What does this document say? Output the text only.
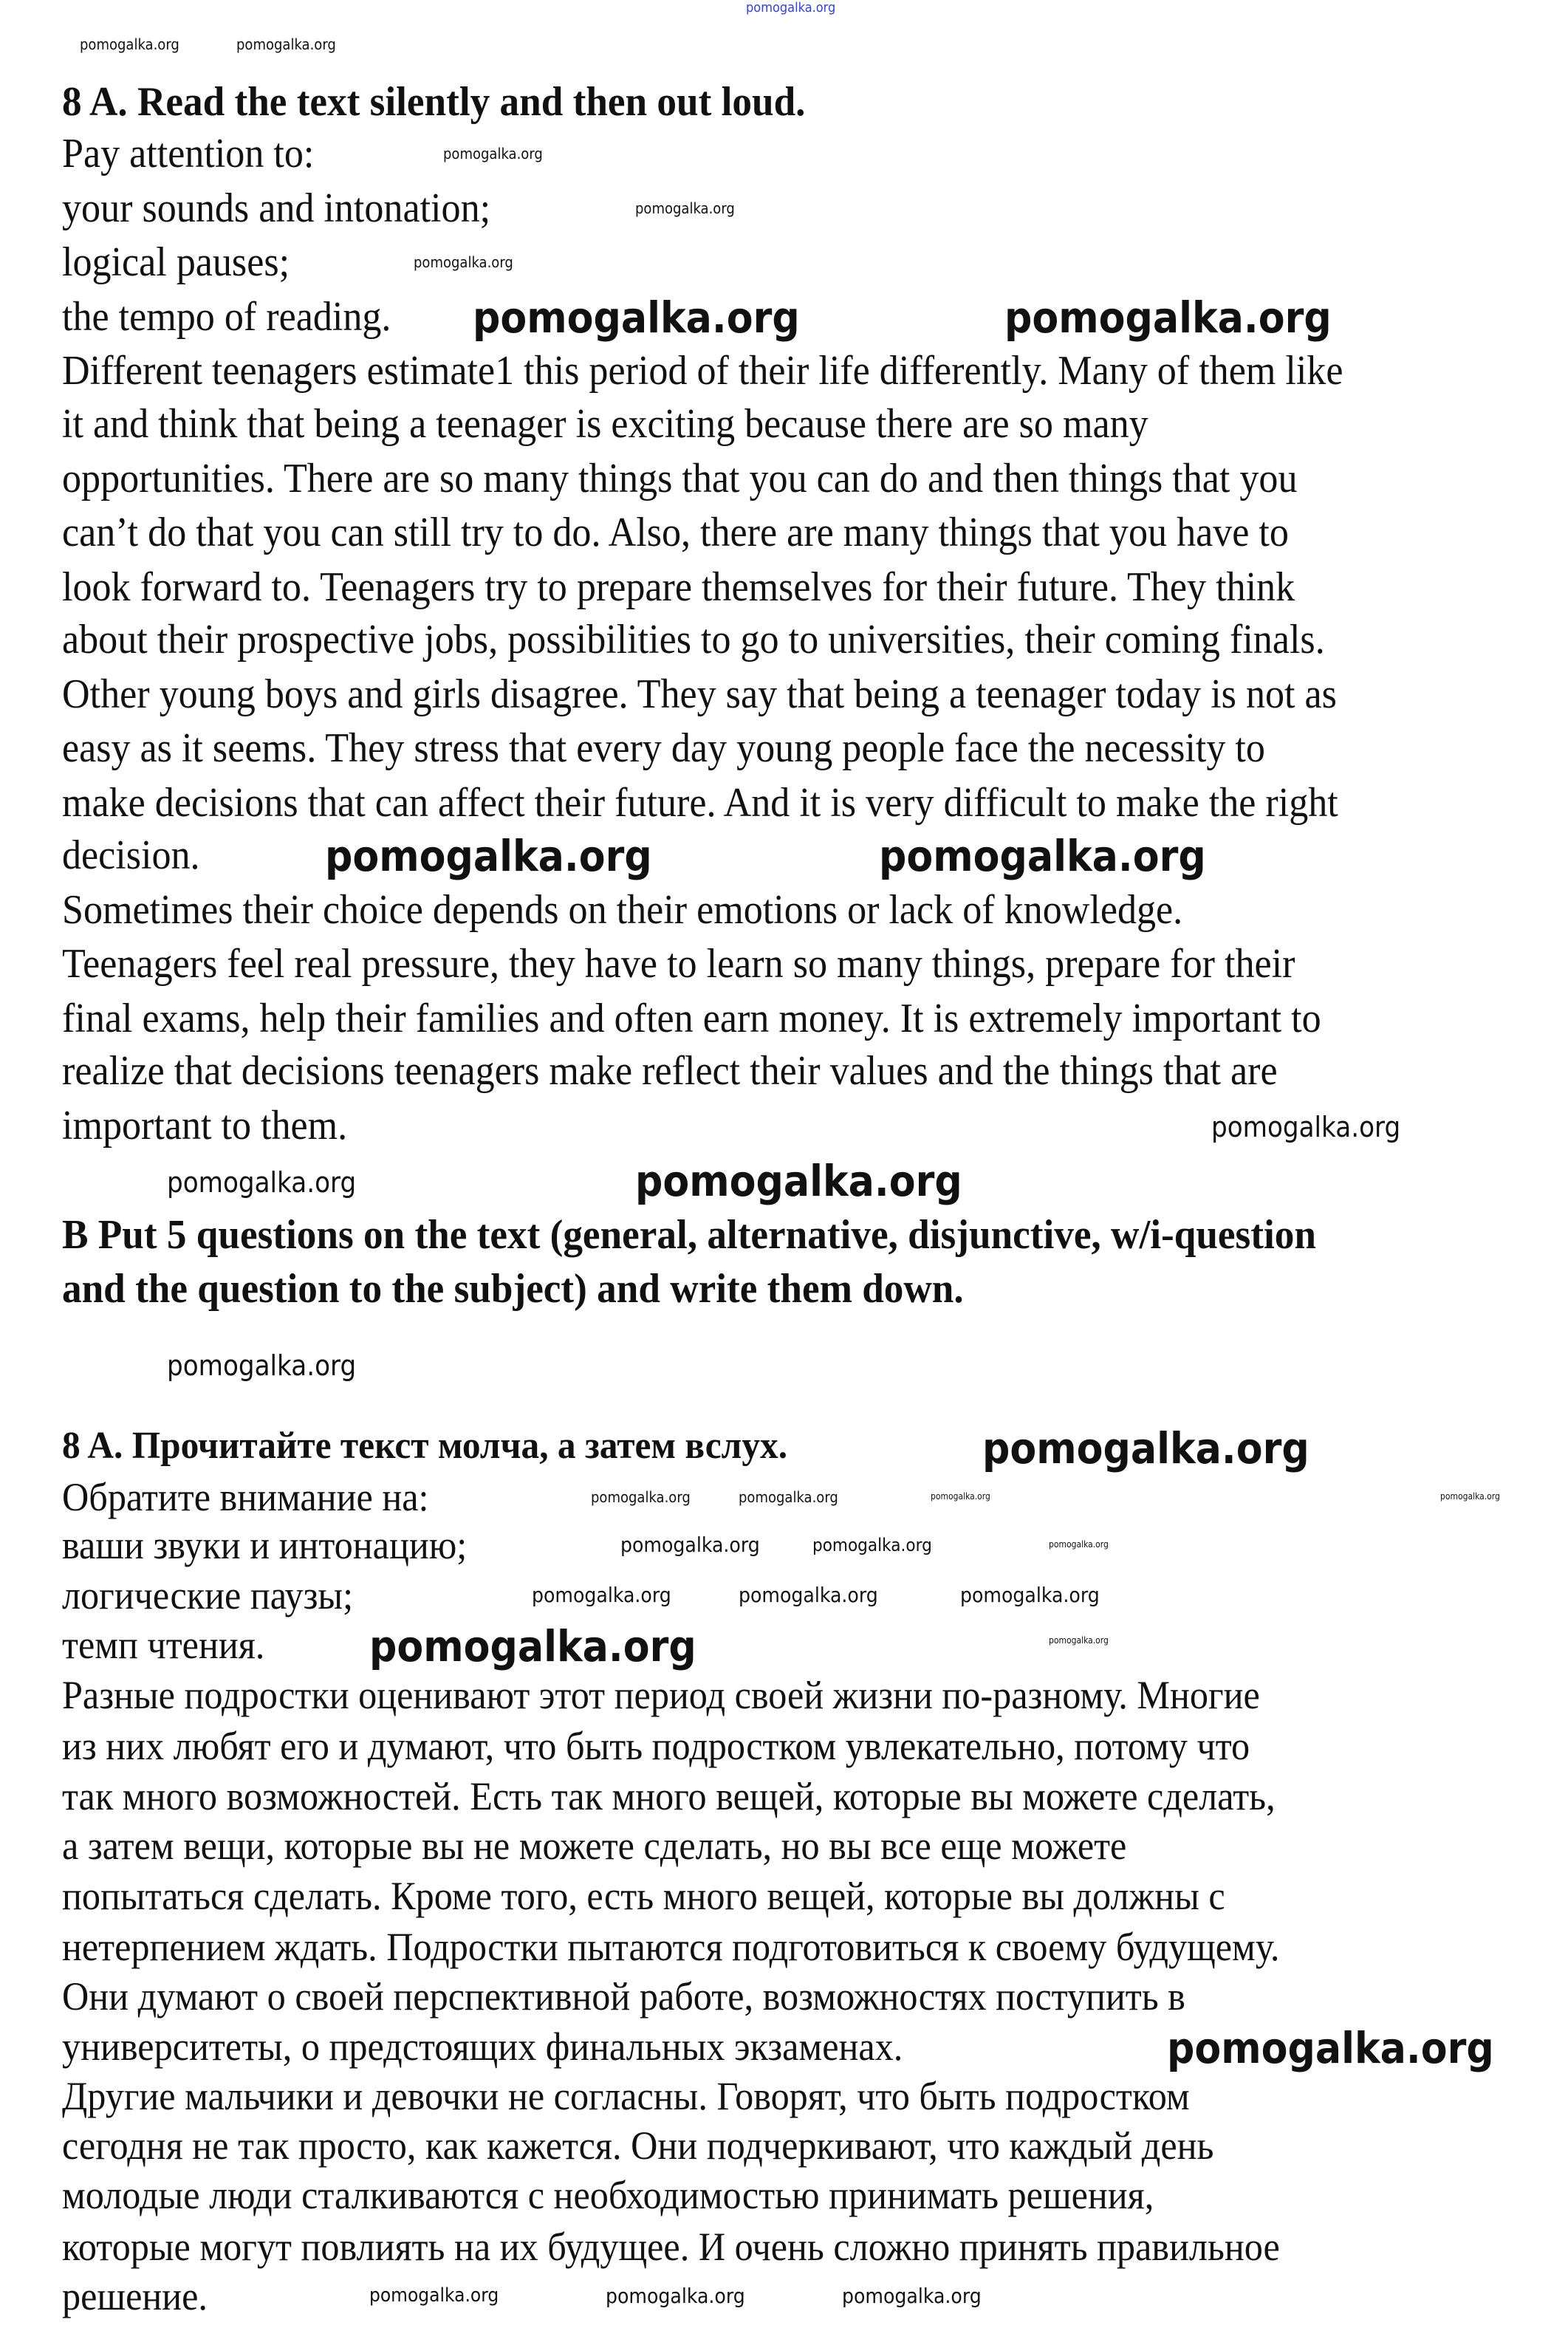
pomogalka.org
8 A. Read the text silently and then out loud.
Pay attention to:
your sounds and intonation;
logical pauses;
the tempo of reading.
Different teenagers estimate1 this period of their life differently. Many of them like
it and think that being a teenager is exciting because there are so many
opportunities. There are so many things that you can do and then things that you
can’t do that you can still try to do. Also, there are many things that you have to
look forward to. Teenagers try to prepare themselves for their future. They think
about their prospective jobs, possibilities to go to universities, their coming finals.
Other young boys and girls disagree. They say that being a teenager today is not as
easy as it seems. They stress that every day young people face the necessity to
make decisions that can affect their future. And it is very difficult to make the right
decision.
Sometimes their choice depends on their emotions or lack of knowledge.
Teenagers feel real pressure, they have to learn so many things, prepare for their
final exams, help their families and often earn money. It is extremely important to
realize that decisions teenagers make reflect their values and the things that are
important to them.
B Put 5 questions on the text (general, alternative, disjunctive, w/i-question
and the question to the subject) and write them down.
8 A. Прочитайте текст молча, а затем вслух.
Обратите внимание на:
ваши звуки и интонацию;
логические паузы;
темп чтения.
Разные подростки оценивают этот период своей жизни по-разному. Многие
из них любят его и думают, что быть подростком увлекательно, потому что
так много возможностей. Есть так много вещей, которые вы можете сделать,
а затем вещи, которые вы не можете сделать, но вы все еще можете
попытаться сделать. Кроме того, есть много вещей, которые вы должны с
нетерпением ждать. Подростки пытаются подготовиться к своему будущему.
Они думают о своей перспективной работе, возможностях поступить в
университеты, о предстоящих финальных экзаменах.
Другие мальчики и девочки не согласны. Говорят, что быть подростком
сегодня не так просто, как кажется. Они подчеркивают, что каждый день
молодые люди сталкиваются с необходимостью принимать решения,
которые могут повлиять на их будущее. И очень сложно принять правильное
решение.
pomogalka.org	pomogalka.org
pomogalka.org	pomogalka.org
pomogalka.org
pomogalka.org
pomogalka.org
pomogalka.org
pomogalka.org
pomogalka.org
pomogalka.org
pomogalka.org
pomogalka.org
pomogalka.org
pomogalka.org	pomogalka.org
pomogalka.org	pomogalka.org
pomogalka.org	pomogalka.org
pomogalka.org	pomogalka.org	pomogalka.org
pomogalka.org	pomogalka.org	pomogalka.org
pomogalka.org	pomogalka.org
pomogalka.org
pomogalka.org
